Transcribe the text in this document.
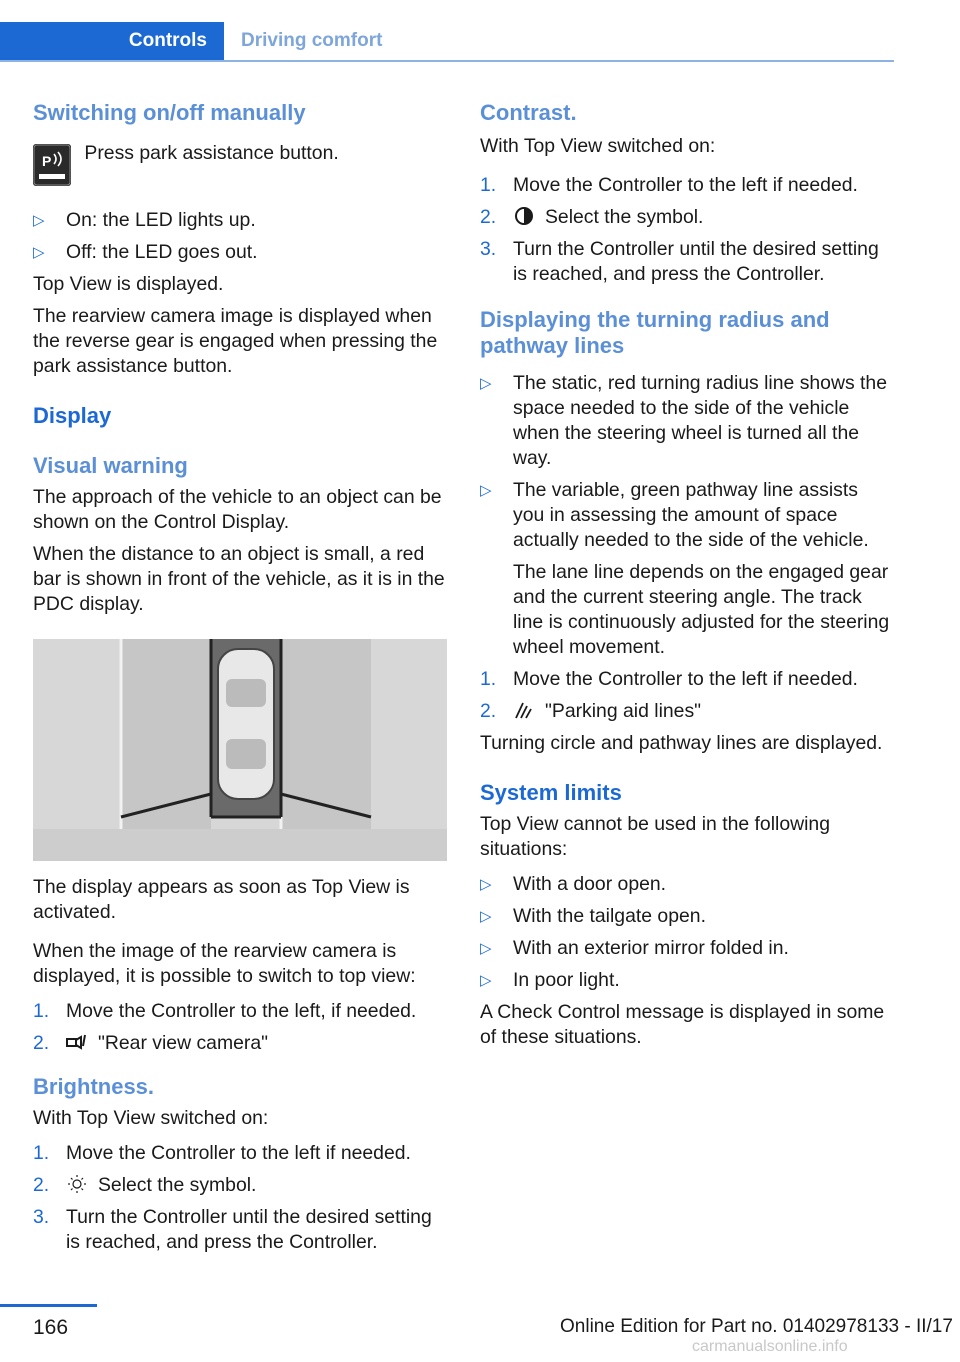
Controls	Driving comfort
Switching on/off manually
P Press park assistance button.
▷ On: the LED lights up.
▷ Off: the LED goes out.

Top View is displayed.

The rearview camera image is displayed when the reverse gear is engaged when pressing the park assistance button.

Display
Visual warning

The approach of the vehicle to an object can be shown on the Control Display.

When the distance to an object is small, a red bar is shown in front of the vehicle, as it is in the PDC display.

The display appears as soon as Top View is activated.

When the image of the rearview camera is displayed, it is possible to switch to top view:

1. Move the Controller to the left, if needed.
2.	"Rear view camera"
Brightness.

With Top View switched on:

1. Move the Controller to the left if needed.
2.	Select the symbol.
3. Turn the Controller until the desired setting is reached, and press the Controller.
Contrast.

With Top View switched on:

1. Move the Controller to the left if needed.
2.	Select the symbol.
3. Turn the Controller until the desired setting is reached, and press the Controller.
Displaying the turning radius and pathway lines
▷ The static, red turning radius line shows the space needed to the side of the vehicle when the steering wheel is turned all the way.
▷ The variable, green pathway line assists you in assessing the amount of space actually needed to the side of the vehicle.

The lane line depends on the engaged gear and the current steering angle. The track line is continuously adjusted for the steering wheel movement.

1. Move the Controller to the left if needed.
2.	"Parking aid lines"

Turning circle and pathway lines are displayed.

System limits

Top View cannot be used in the following situations:

▷ With a door open.
▷ With the tailgate open.
▷ With an exterior mirror folded in.
▷ In poor light.

A Check Control message is displayed in some of these situations.

166	Online Edition for Part no. 01402978133 - II/17
carmanualsonline.info
